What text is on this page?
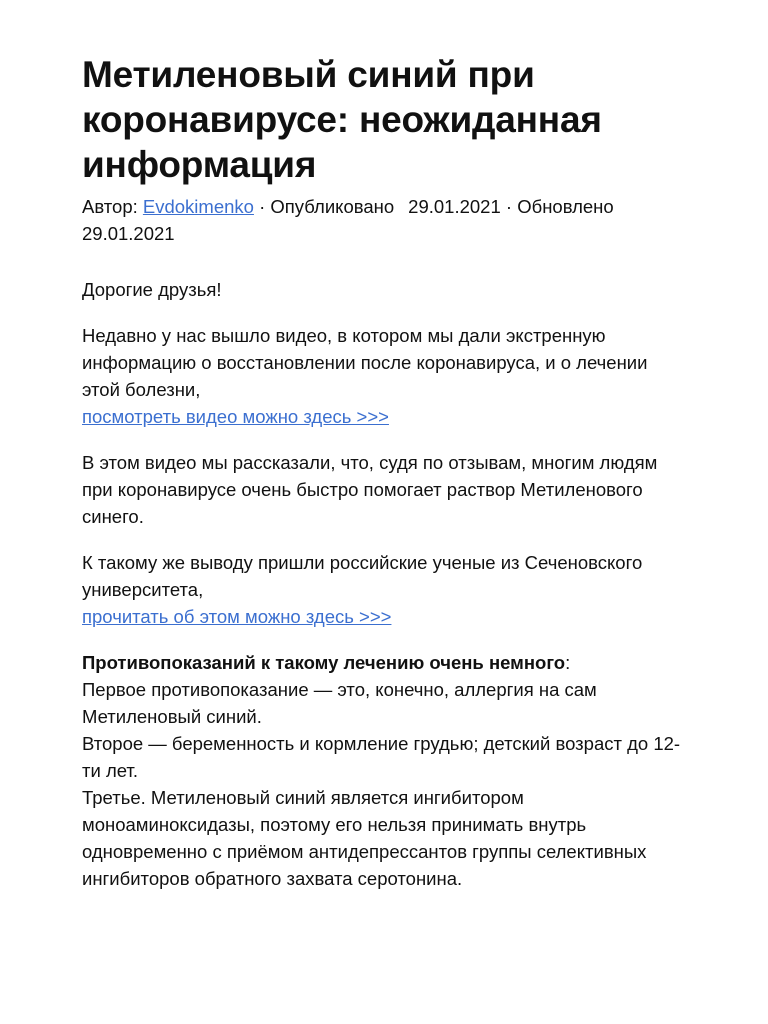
Метиленовый синий при коронавирусе: неожиданная информация
Автор: Evdokimenko · Опубликовано 29.01.2021 · Обновлено
29.01.2021

Дорогие друзья!

Недавно у нас вышло видео, в котором мы дали экстренную информацию о восстановлении после коронавируса, и о лечении этой болезни,
посмотреть видео можно здесь >>>

В этом видео мы рассказали, что, судя по отзывам, многим людям при коронавирусе очень быстро помогает раствор Метиленового синего.

К такому же выводу пришли российские ученые из Сеченовского университета,
прочитать об этом можно здесь >>>

Противопоказаний к такому лечению очень немного:
Первое противопоказание — это, конечно, аллергия на сам Метиленовый синий.
Второе — беременность и кормление грудью; детский возраст до 12-ти лет.
Третье. Метиленовый синий является ингибитором моноаминоксидазы, поэтому его нельзя принимать внутрь одновременно с приёмом антидепрессантов группы селективных ингибиторов обратного захвата серотонина.
